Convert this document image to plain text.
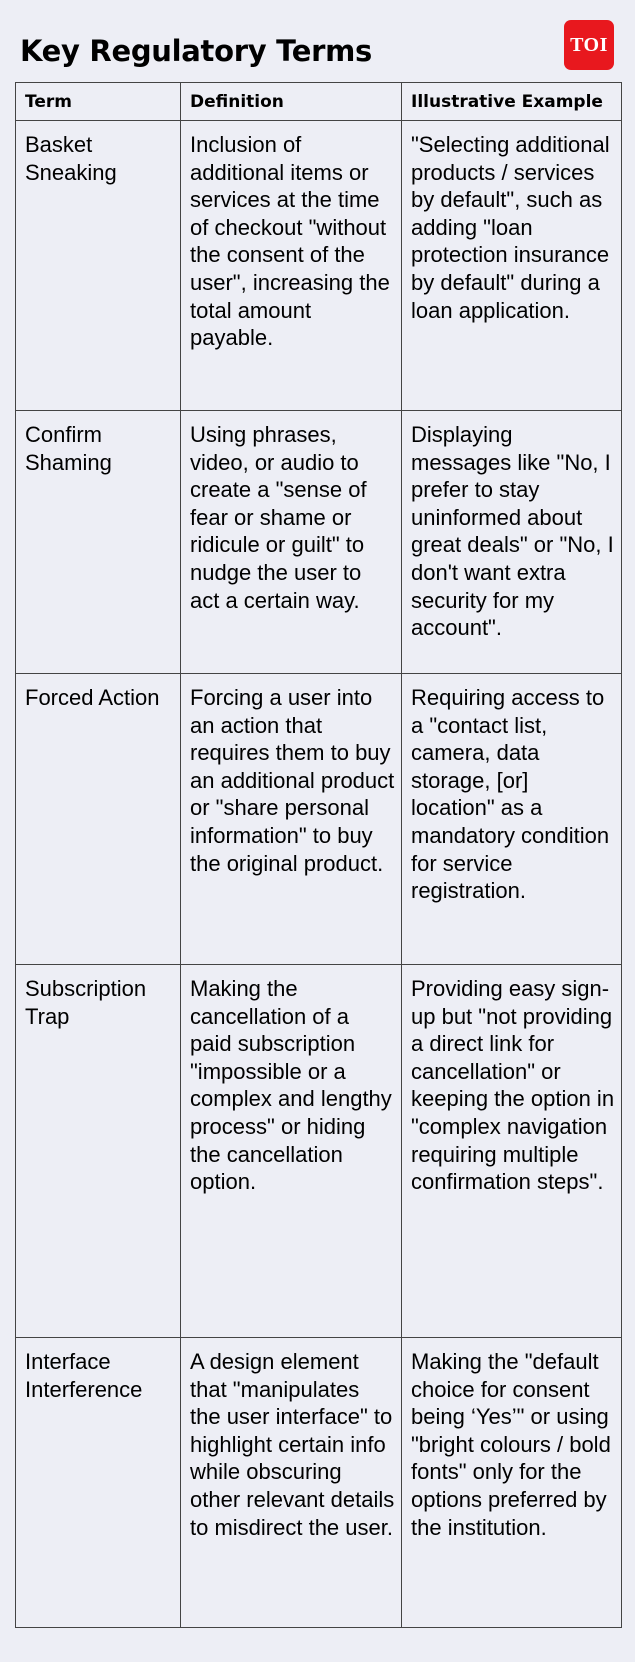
Key Regulatory Terms	TOI
Term	Definition	Illustrative Example
Basket Sneaking	Inclusion of additional items or services at the time of checkout "without the consent of the user", increasing the total amount payable.	"Selecting additional products / services by default", such as adding "loan protection insurance by default" during a loan application.
Confirm Shaming	Using phrases, video, or audio to create a "sense of fear or shame or ridicule or guilt" to nudge the user to act a certain way.	Displaying messages like "No, I prefer to stay uninformed about great deals" or "No, I don't want extra security for my account".
Forced Action	Forcing a user into an action that requires them to buy an additional product or "share personal information" to buy the original product.	Requiring access to a "contact list, camera, data storage, [or] location" as a mandatory condition for service registration.
Subscription Trap	Making the cancellation of a paid subscription "impossible or a complex and lengthy process" or hiding the cancellation option.	Providing easy sign-up but "not providing a direct link for cancellation" or keeping the option in "complex navigation requiring multiple confirmation steps".
Interface Interference	A design element that "manipulates the user interface" to highlight certain info while obscuring other relevant details to misdirect the user.	Making the "default choice for consent being ‘Yes’" or using "bright colours / bold fonts" only for the options preferred by the institution.
